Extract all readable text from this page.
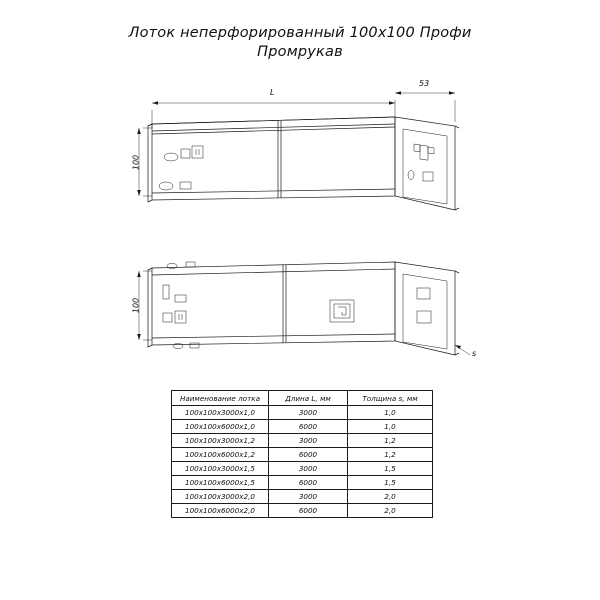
Лоток неперфорированный 100х100 Профи
Промрукав
L
53
100
100
s
Наименование лотка	Длина L, мм	Толщина s, мм
100х100х3000х1,0	3000	1,0
100х100х6000х1,0	6000	1,0
100х100х3000х1,2	3000	1,2
100х100х6000х1,2	6000	1,2
100х100х3000х1,5	3000	1,5
100х100х6000х1,5	6000	1,5
100х100х3000х2,0	3000	2,0
100х100х6000х2,0	6000	2,0
